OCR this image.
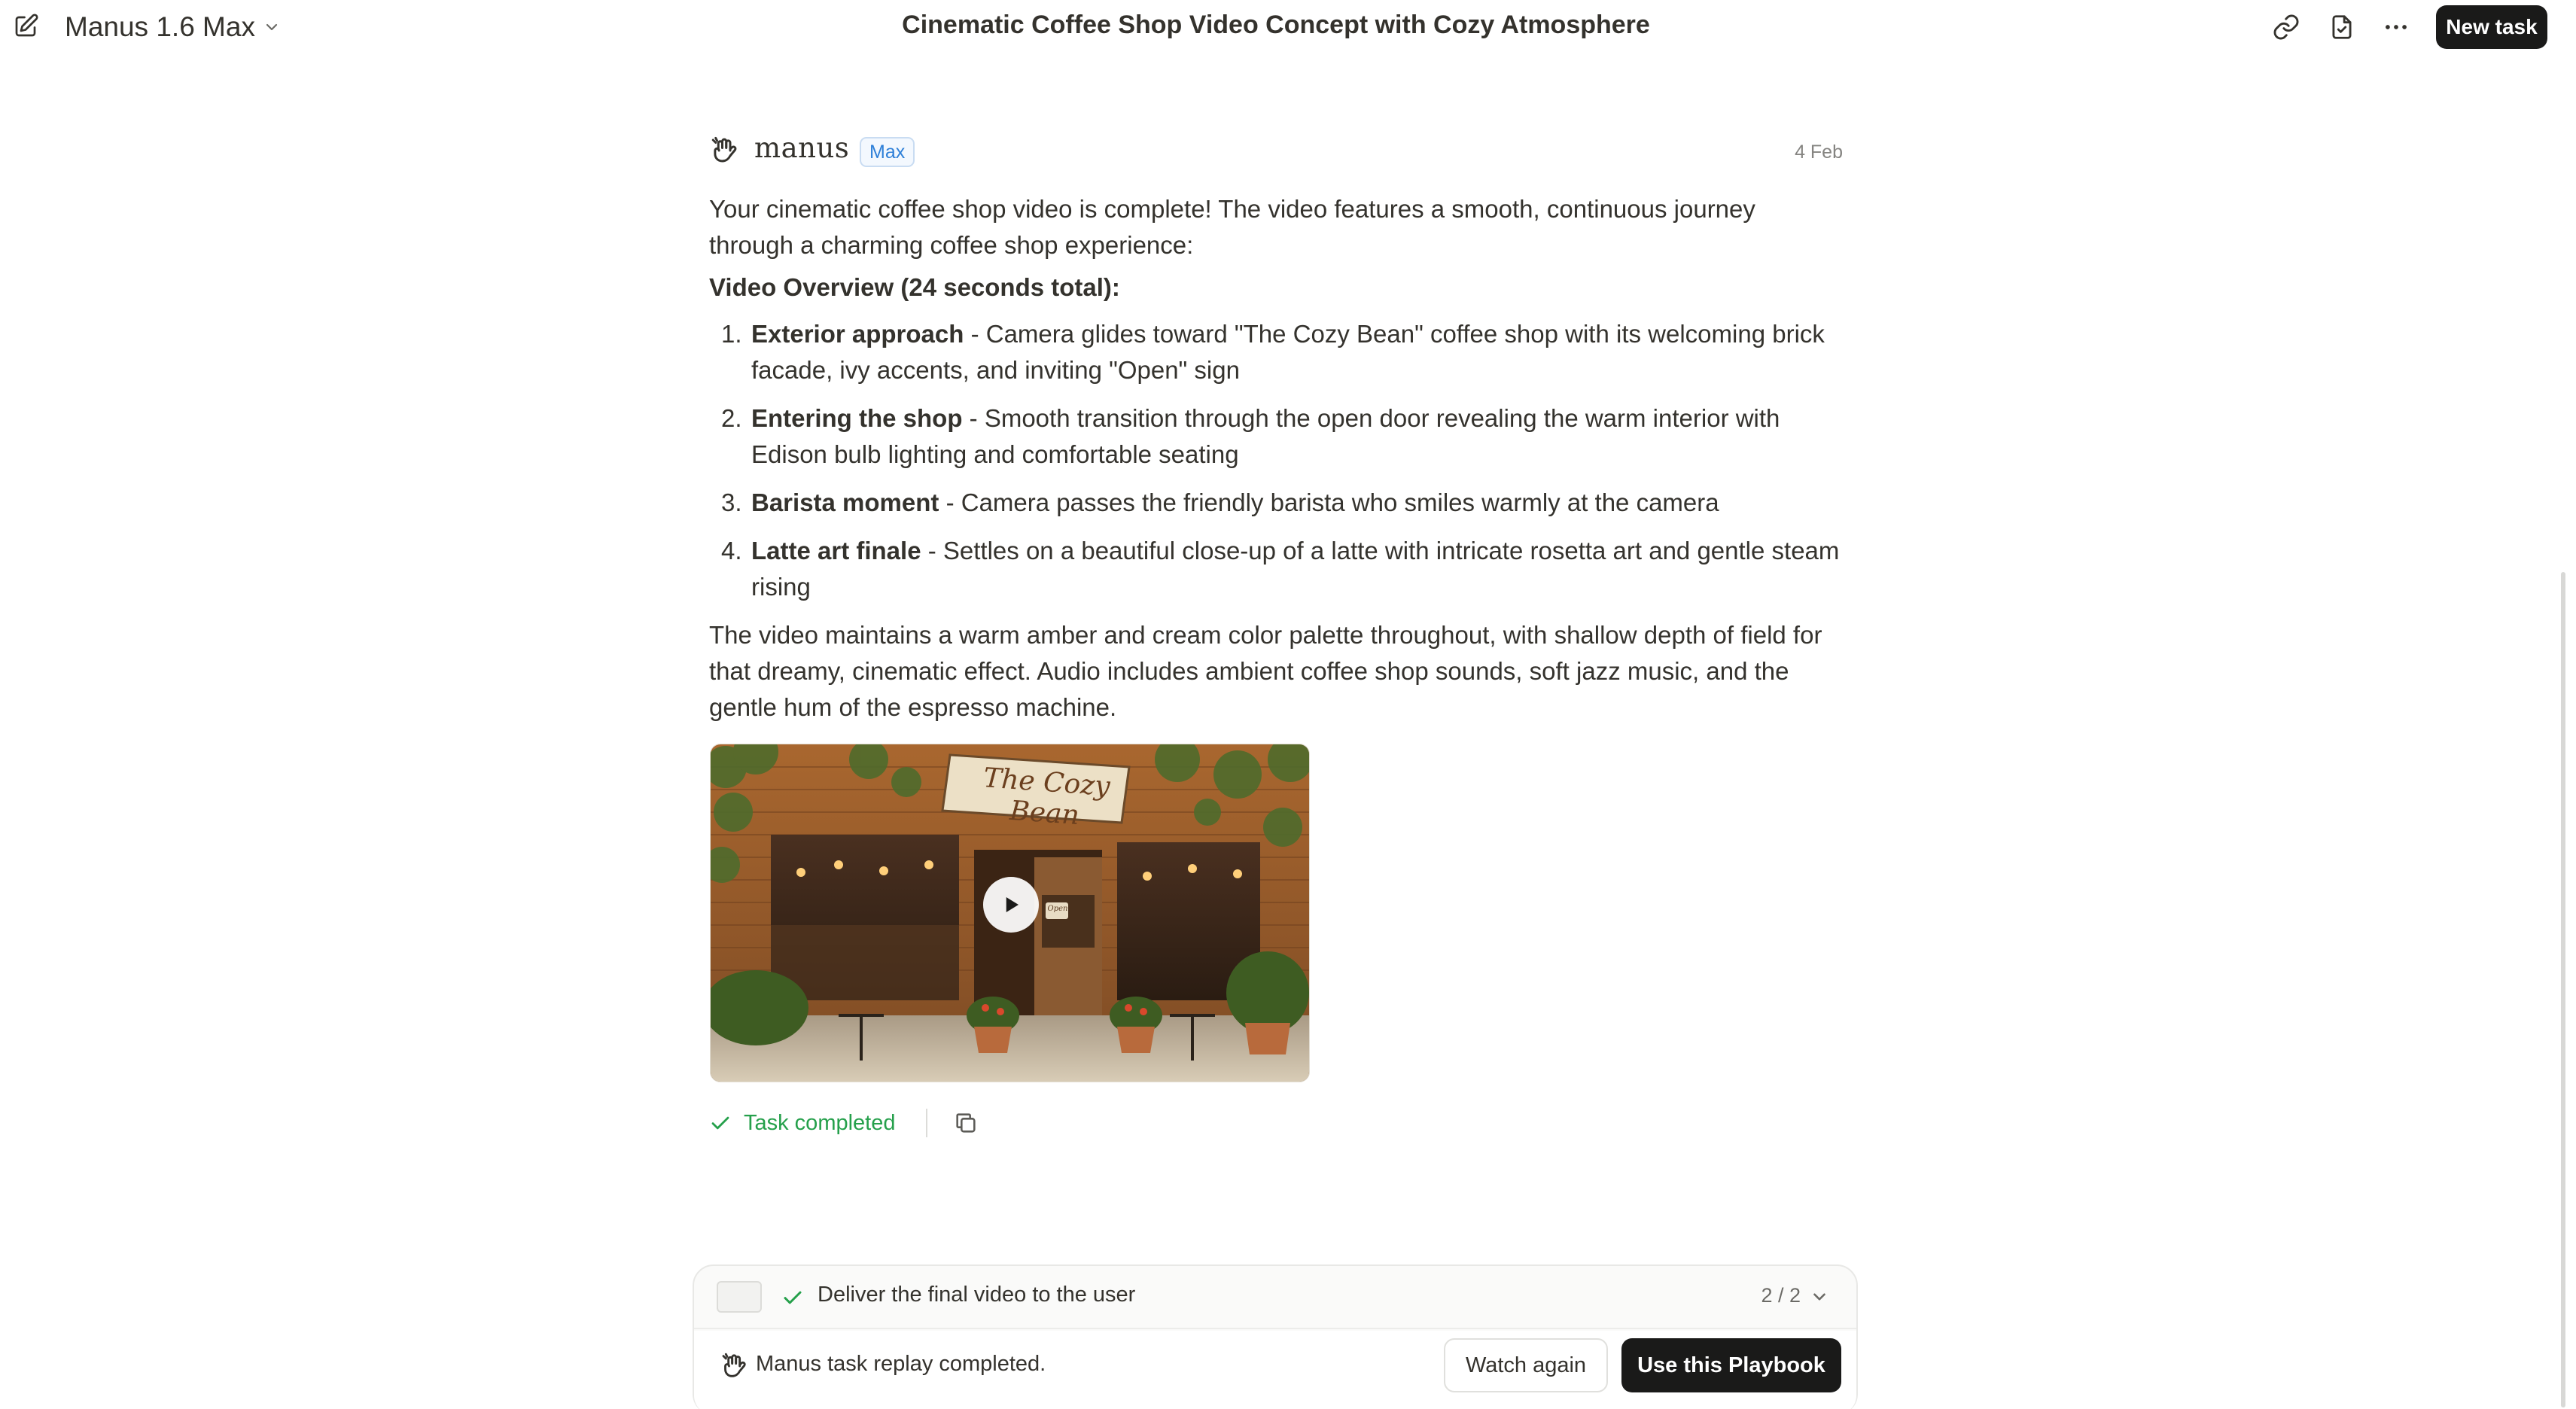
Manus 1.6 Max	Cinematic Coffee Shop Video Concept with Cozy Atmosphere	New task
manus	Max	4 Feb

Your cinematic coffee shop video is complete! The video features a smooth, continuous journey through a charming coffee shop experience:

Video Overview (24 seconds total):

1. Exterior approach - Camera glides toward "The Cozy Bean" coffee shop with its welcoming brick facade, ivy accents, and inviting "Open" sign
2. Entering the shop - Smooth transition through the open door revealing the warm interior with Edison bulb lighting and comfortable seating
3. Barista moment - Camera passes the friendly barista who smiles warmly at the camera
4. Latte art finale - Settles on a beautiful close-up of a latte with intricate rosetta art and gentle steam rising

The video maintains a warm amber and cream color palette throughout, with shallow depth of field for that dreamy, cinematic effect. Audio includes ambient coffee shop sounds, soft jazz music, and the gentle hum of the espresso machine.

The Cozy Bean
Open
Task completed
Deliver the final video to the user	2 / 2
Manus task replay completed.	Watch again	Use this Playbook
